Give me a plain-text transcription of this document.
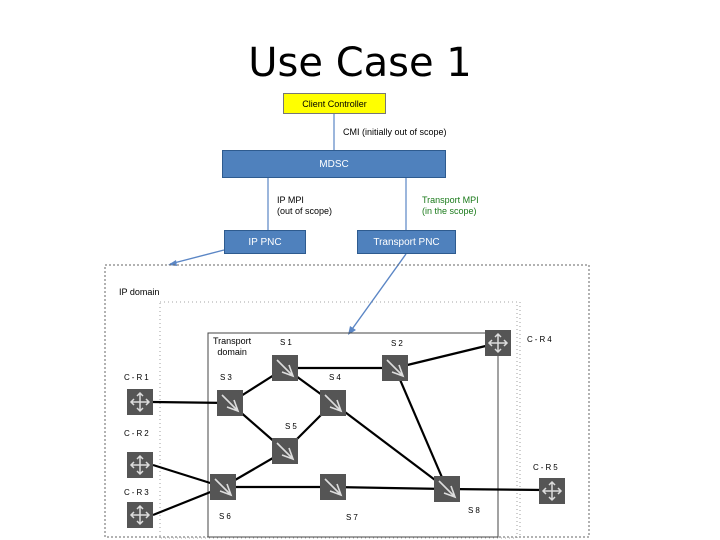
Use Case 1
Client Controller
CMI (initially out of scope)
MDSC
IP MPI
(out of scope)
Transport MPI
(in the scope)
IP PNC	Transport PNC
IP domain
Transport
domain
S1	S2
S3	S4
S5
S6	S7
S8
C-R1
C-R2
C-R3
C-R4
C-R5
